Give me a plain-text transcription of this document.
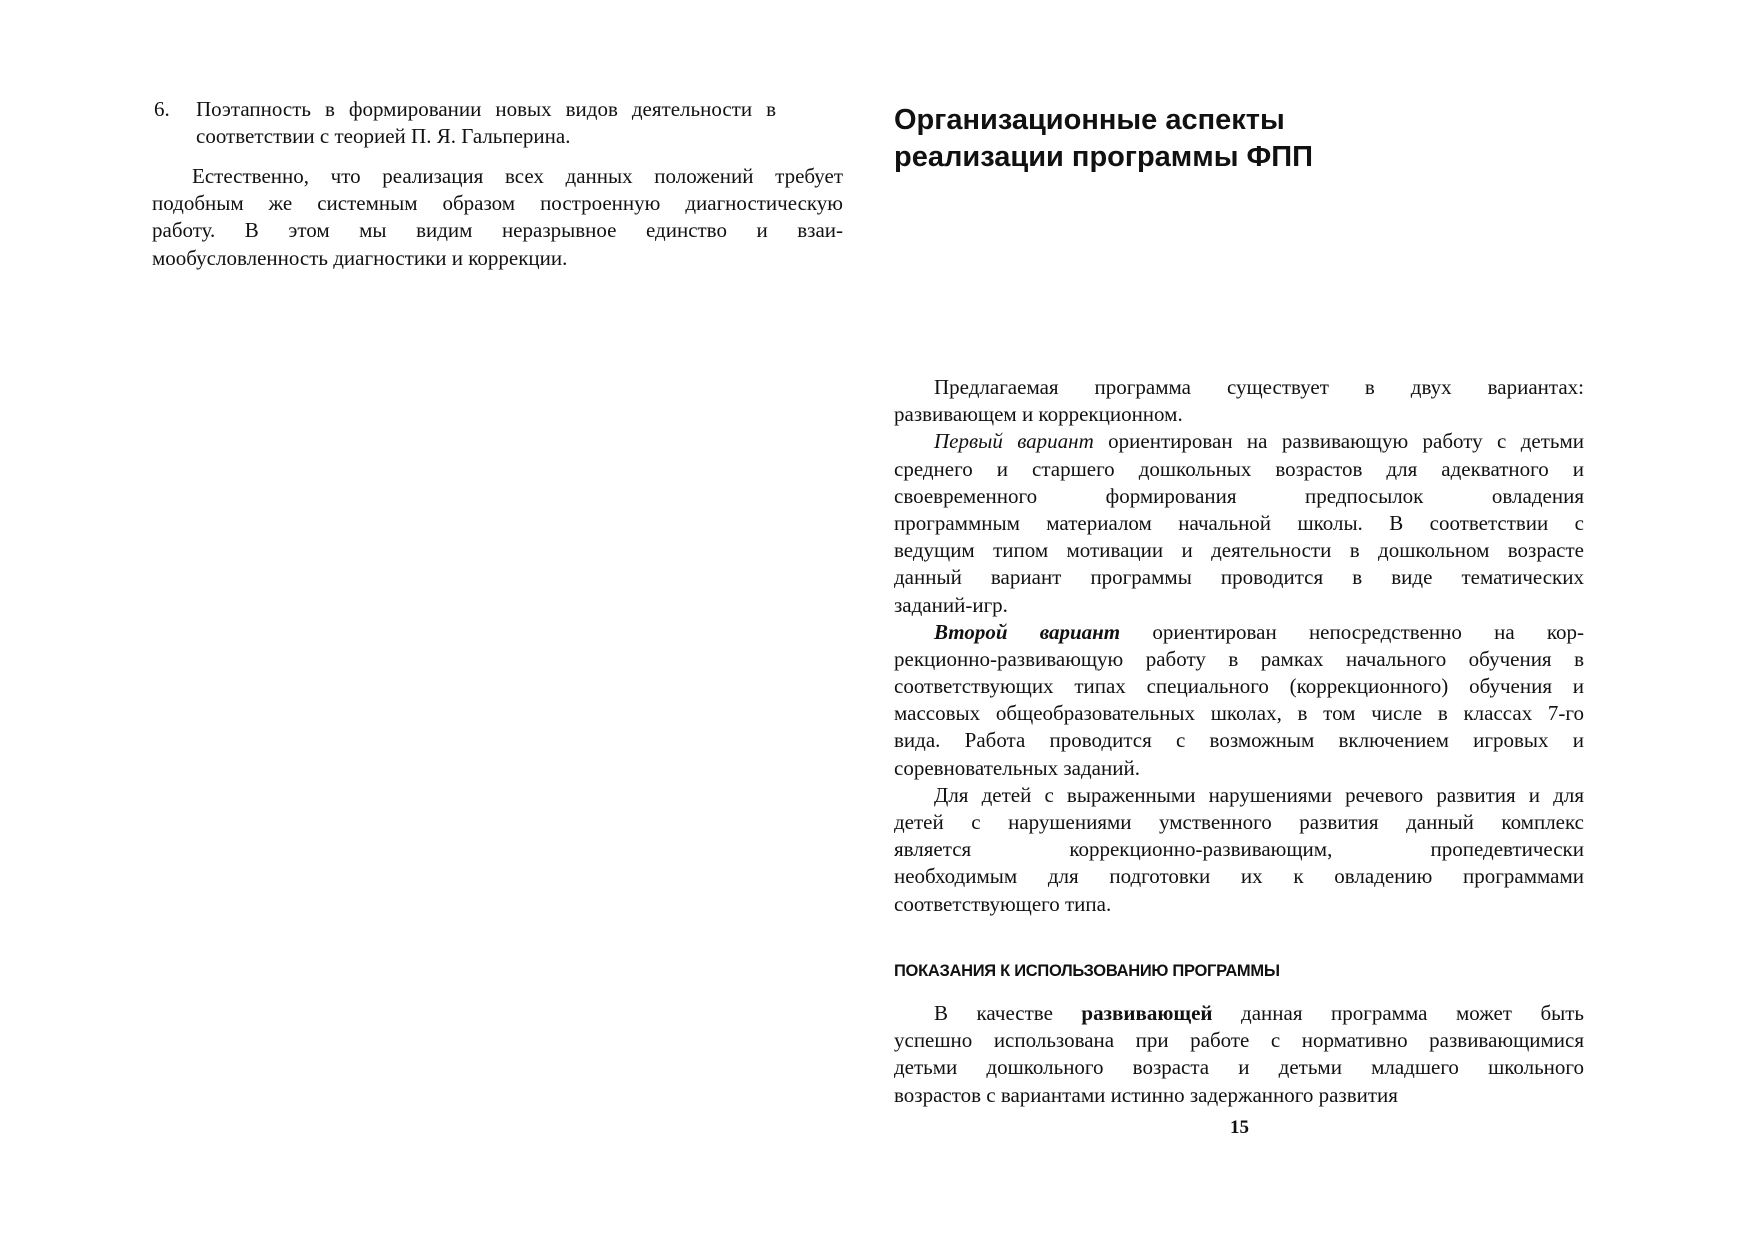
6. Поэтапность в формировании новых видов деятельности в
соответствии с теорией П. Я. Гальперина.
Естественно, что реализация всех данных положений требует
подобным же системным образом построенную диагностическую
работу. В этом мы видим неразрывное единство и взаи-
мообусловленность диагностики и коррекции.
Организационные аспекты
реализации программы ФПП
Предлагаемая программа существует в двух вариантах:
развивающем и коррекционном.
Первый вариант ориентирован на развивающую работу с детьми
среднего и старшего дошкольных возрастов для адекватного и
своевременного формирования предпосылок овладения
программным материалом начальной школы. В соответствии с
ведущим типом мотивации и деятельности в дошкольном возрасте
данный вариант программы проводится в виде тематических
заданий-игр.
Второй вариант ориентирован непосредственно на кор-
рекционно-развивающую работу в рамках начального обучения в
соответствующих типах специального (коррекционного) обучения и
массовых общеобразовательных школах, в том числе в классах 7-го
вида. Работа проводится с возможным включением игровых и
соревновательных заданий.
Для детей с выраженными нарушениями речевого развития и для
детей с нарушениями умственного развития данный комплекс
является коррекционно-развивающим, пропедевтически
необходимым для подготовки их к овладению программами
соответствующего типа.
ПОКАЗАНИЯ К ИСПОЛЬЗОВАНИЮ ПРОГРАММЫ
В качестве развивающей данная программа может быть
успешно использована при работе с нормативно развивающимися
детьми дошкольного возраста и детьми младшего школьного
возрастов с вариантами истинно задержанного развития
15
